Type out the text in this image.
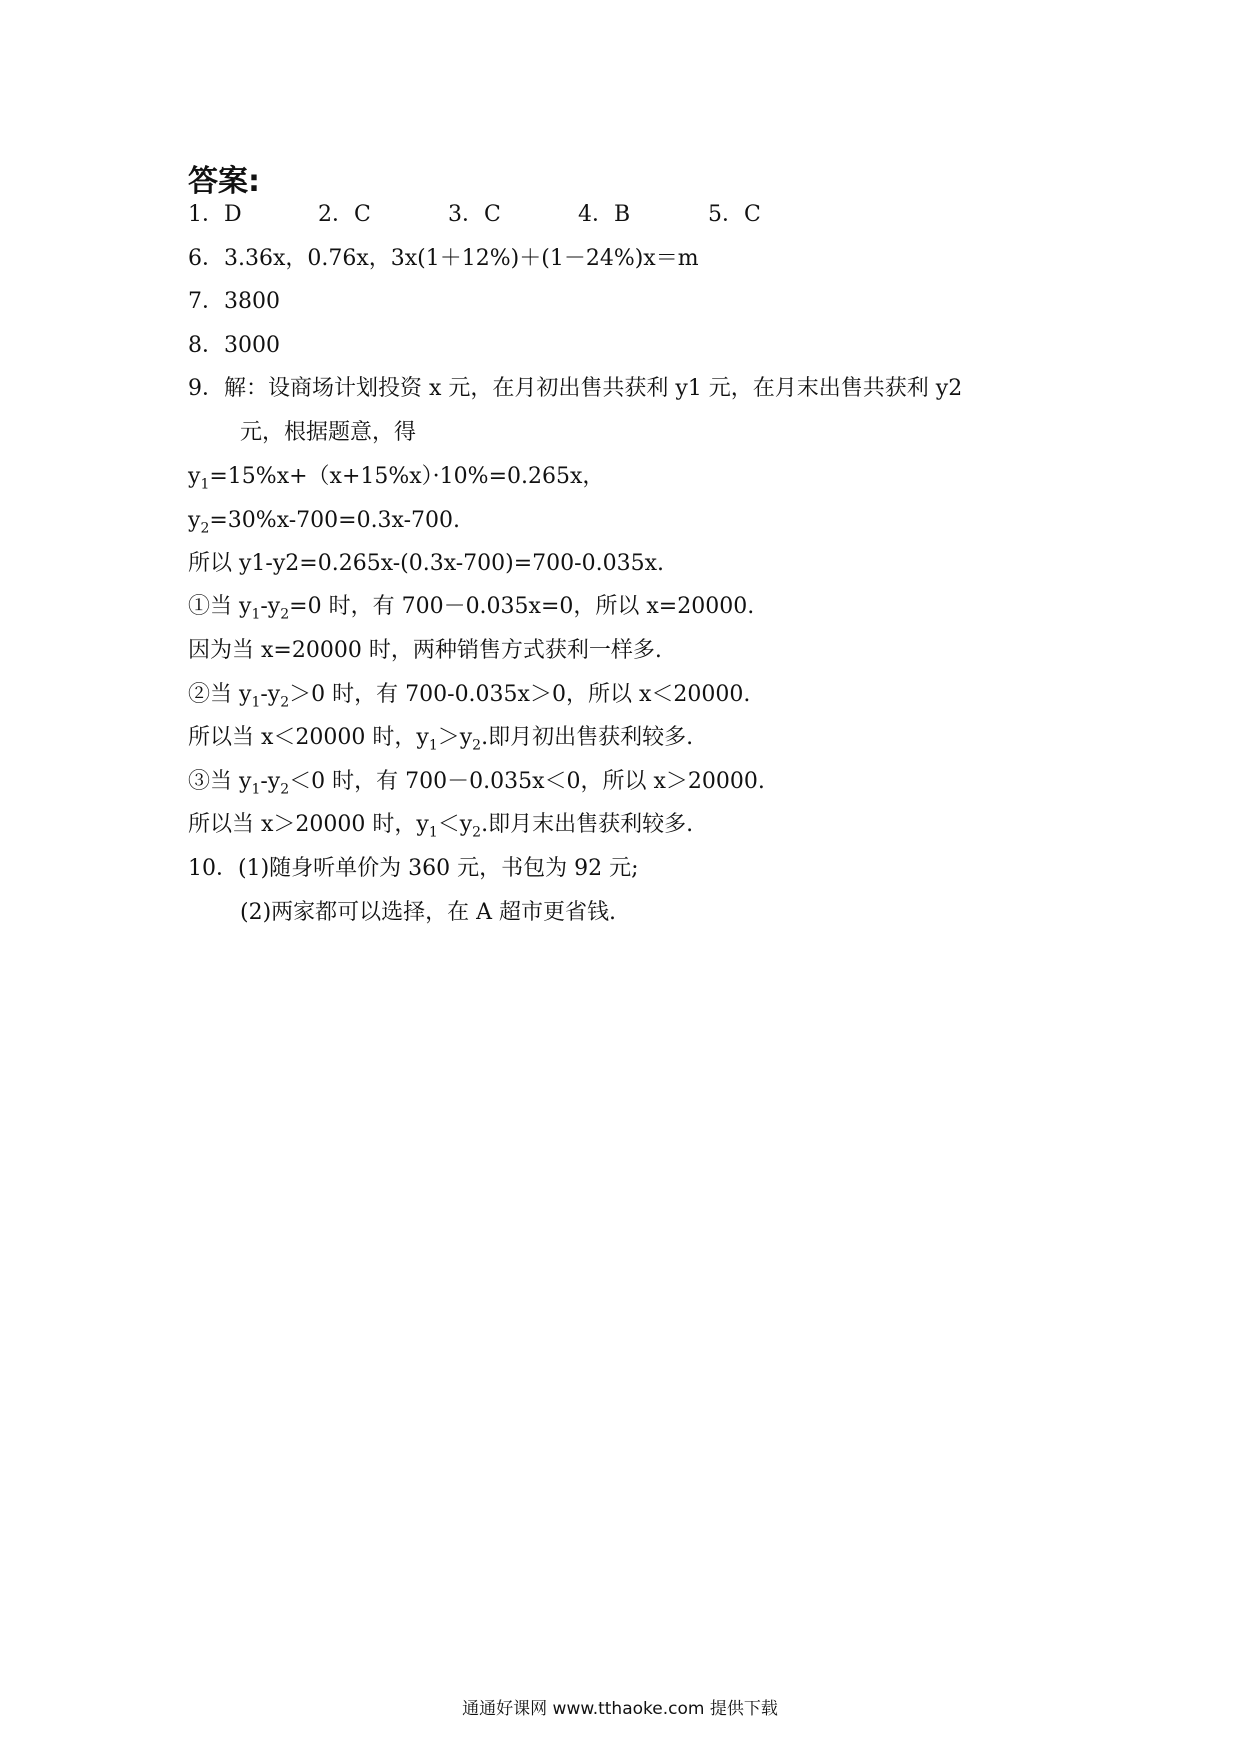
答案:
1．D	2．C	3．C	4．B	5．C
6．3.36x，0.76x，3x(1＋12%)＋(1－24%)x＝m
7．3800
8．3000
9．解：设商场计划投资 x 元，在月初出售共获利 y1 元，在月末出售共获利 y2
元，根据题意，得
$y_1=15\%x+(x+15\%x)\cdot 10\%=0.265x$，
$y_2=30\%x-700=0.3x-700$.
所以 y1-y2=0.265x-(0.3x-700)=700-0.035x.
①当 $y_1-y_2=0$ 时，有 700－0.035x=0，所以 x=20000.
因为当 x=20000 时，两种销售方式获利一样多.
②当 $y_1-y_2>0$ 时，有 700-0.035x＞0，所以 x＜20000.
所以当 x＜20000 时，$y_1>y_2$.即月初出售获利较多.
③当 $y_1-y_2<0$ 时，有 700－0.035x＜0，所以 x＞20000.
所以当 x＞20000 时，$y_1<y_2$.即月末出售获利较多.
10．(1)随身听单价为 360 元，书包为 92 元;
(2)两家都可以选择，在 A 超市更省钱.
通通好课网 www.tthaoke.com 提供下载
